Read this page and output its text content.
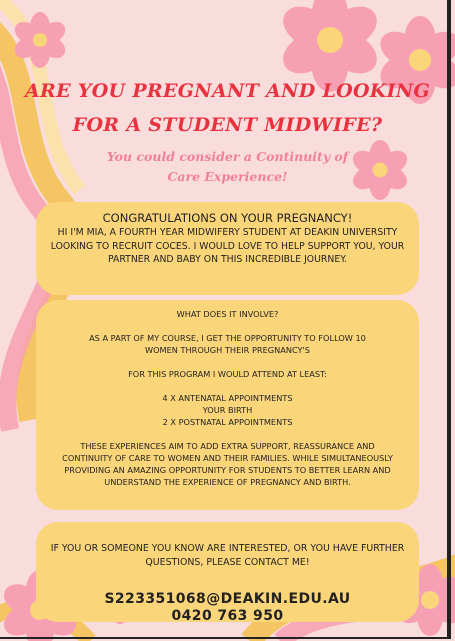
ARE YOU PREGNANT AND LOOKING
FOR A STUDENT MIDWIFE?
You could consider a Continuity of
Care Experience!
CONGRATULATIONS ON YOUR PREGNANCY!
HI I'M MIA, A FOURTH YEAR MIDWIFERY STUDENT AT DEAKIN UNIVERSITY LOOKING TO RECRUIT COCES. I WOULD LOVE TO HELP SUPPORT YOU, YOUR PARTNER AND BABY ON THIS INCREDIBLE JOURNEY.

WHAT DOES IT INVOLVE?

AS A PART OF MY COURSE, I GET THE OPPORTUNITY TO FOLLOW 10 WOMEN THROUGH THEIR PREGNANCY'S

FOR THIS PROGRAM I WOULD ATTEND AT LEAST:

4 X ANTENATAL APPOINTMENTS

YOUR BIRTH

2 X POSTNATAL APPOINTMENTS

THESE EXPERIENCES AIM TO ADD EXTRA SUPPORT, REASSURANCE AND CONTINUITY OF CARE TO WOMEN AND THEIR FAMILIES. WHILE SIMULTANEOUSLY PROVIDING AN AMAZING OPPORTUNITY FOR STUDENTS TO BETTER LEARN AND UNDERSTAND THE EXPERIENCE OF PREGNANCY AND BIRTH.

IF YOU OR SOMEONE YOU KNOW ARE INTERESTED, OR YOU HAVE FURTHER QUESTIONS, PLEASE CONTACT ME!
S223351068@DEAKIN.EDU.AU
0420 763 950
